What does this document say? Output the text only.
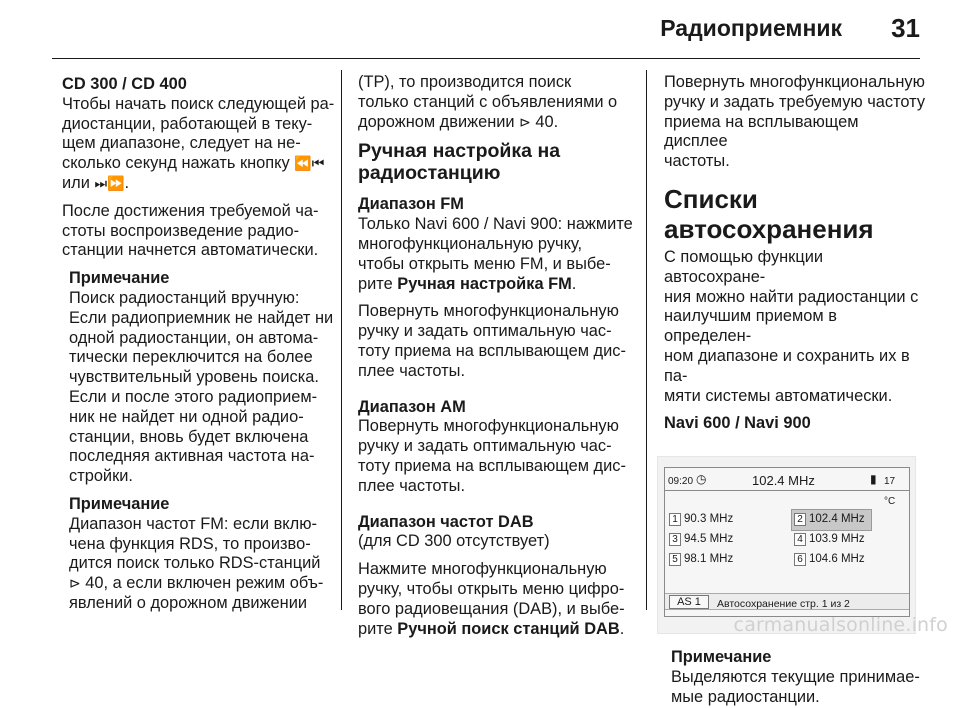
Радиоприемник 31
CD 300 / CD 400
Чтобы начать поиск следующей ра-
диостанции, работающей в теку-
щем диапазоне, следует на не-
сколько секунд нажать кнопку ⏪⏮
или ⏭⏩.
После достижения требуемой ча-
стоты воспроизведение радио-
станции начнется автоматически.
Примечание
Поиск радиостанций вручную:
Если радиоприемник не найдет ни
одной радиостанции, он автома-
тически переключится на более
чувствительный уровень поиска.
Если и после этого радиоприем-
ник не найдет ни одной радио-
станции, вновь будет включена
последняя активная частота на-
стройки.
Примечание
Диапазон частот FM: если вклю-
чена функция RDS, то произво-
дится поиск только RDS-станций
⊳ 40, а если включен режим объ-
явлений о дорожном движении
(TP), то производится поиск
только станций с объявлениями о
дорожном движении ⊳ 40.
Ручная настройка на
радиостанцию
Диапазон FM
Только Navi 600 / Navi 900: нажмите
многофункциональную ручку,
чтобы открыть меню FM, и выбе-
рите Ручная настройка FM.
Повернуть многофункциональную
ручку и задать оптимальную час-
тоту приема на всплывающем дис-
плее частоты.
Диапазон AM
Повернуть многофункциональную
ручку и задать оптимальную час-
тоту приема на всплывающем дис-
плее частоты.
Диапазон частот DAB
(для CD 300 отсутствует)
Нажмите многофункциональную
ручку, чтобы открыть меню цифро-
вого радиовещания (DAB), и выбе-
рите Ручной поиск станций DAB.
Повернуть многофункциональную
ручку и задать требуемую частоту
приема на всплывающем дисплее
частоты.
Списки автосохранения
С помощью функции автосохране-
ния можно найти радиостанции с
наилучшим приемом в определен-
ном диапазоне и сохранить их в па-
мяти системы автоматически.
Navi 600 / Navi 900
09:20 ◷	102.4 MHz	▮ 17 °C
1 90.3 MHz	2 102.4 MHz
3 94.5 MHz	4 103.9 MHz
5 98.1 MHz	6 104.6 MHz
AS 1	Автосохранение стр. 1 из 2
Примечание
Выделяются текущие принимае-
мые радиостанции.
carmanualsonline.info
